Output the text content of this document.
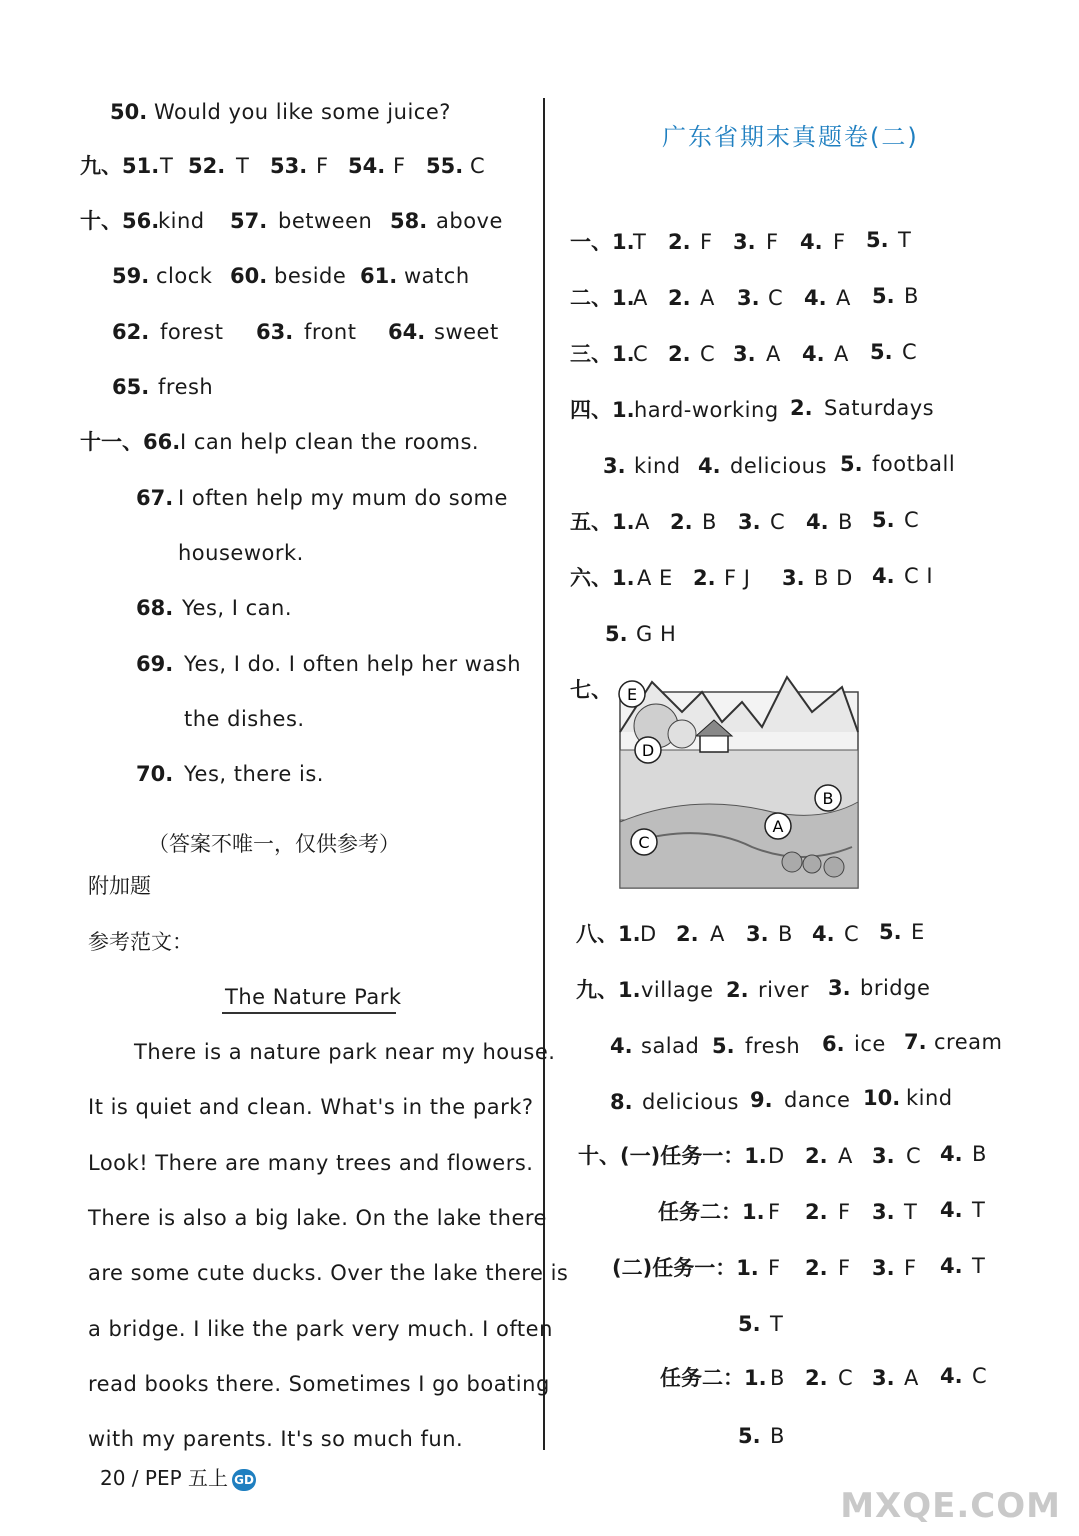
50. Would you like some juice?
九、51. T 52. T 53. F 54. F 55. C
十、56.
kind 57. between 58. above
59. clock 60. beside 61. watch
62. forest 63. front 64. sweet
65. fresh
十一、66. I can help clean the rooms.
67. I often help my mum do some
housework.
68. Yes, I can.
69. Yes, I do. I often help her wash
the dishes.
70. Yes, there is.
（答案不唯一，仅供参考）
附加题
参考范文：
The Nature Park
There is a nature park near my house.
It is quiet and clean. What's in the park?
Look! There are many trees and flowers.
There is also a big lake. On the lake there
are some cute ducks. Over the lake there is
a bridge. I like the park very much. I often
read books there. Sometimes I go boating
with my parents. It's so much fun.
广东省期末真题卷(二)
一、1.
T 2. F 3. F 4. F 5. T
二、1.
A 2. A 3. C 4. A 5. B
三、1.
C 2. C 3. A 4. A 5. C
四、1. hard-working 2. Saturdays
3. kind 4. delicious 5. football
五、1. A 2. B 3. C 4. B 5. C
六、1. A E 2. F J 3. B D 4. C I
5. G H
七、
八、1. D 2. A 3. B 4. C 5. E
九、1. village 2. river 3. bridge
4. salad 5. fresh 6. ice 7. cream
8. delicious 9. dance 10. kind
十、(一)任务一：1. D 2. A 3. C 4. B
任务二：1. F 2. F 3. T 4. T
(二)任务一：1. F 2. F 3. F 4. T
5. T
任务二：1. B 2. C 3. A 4. C
5. B
E
D
B
A
C
20 / PEP 五上 GD
MXQE.COM
